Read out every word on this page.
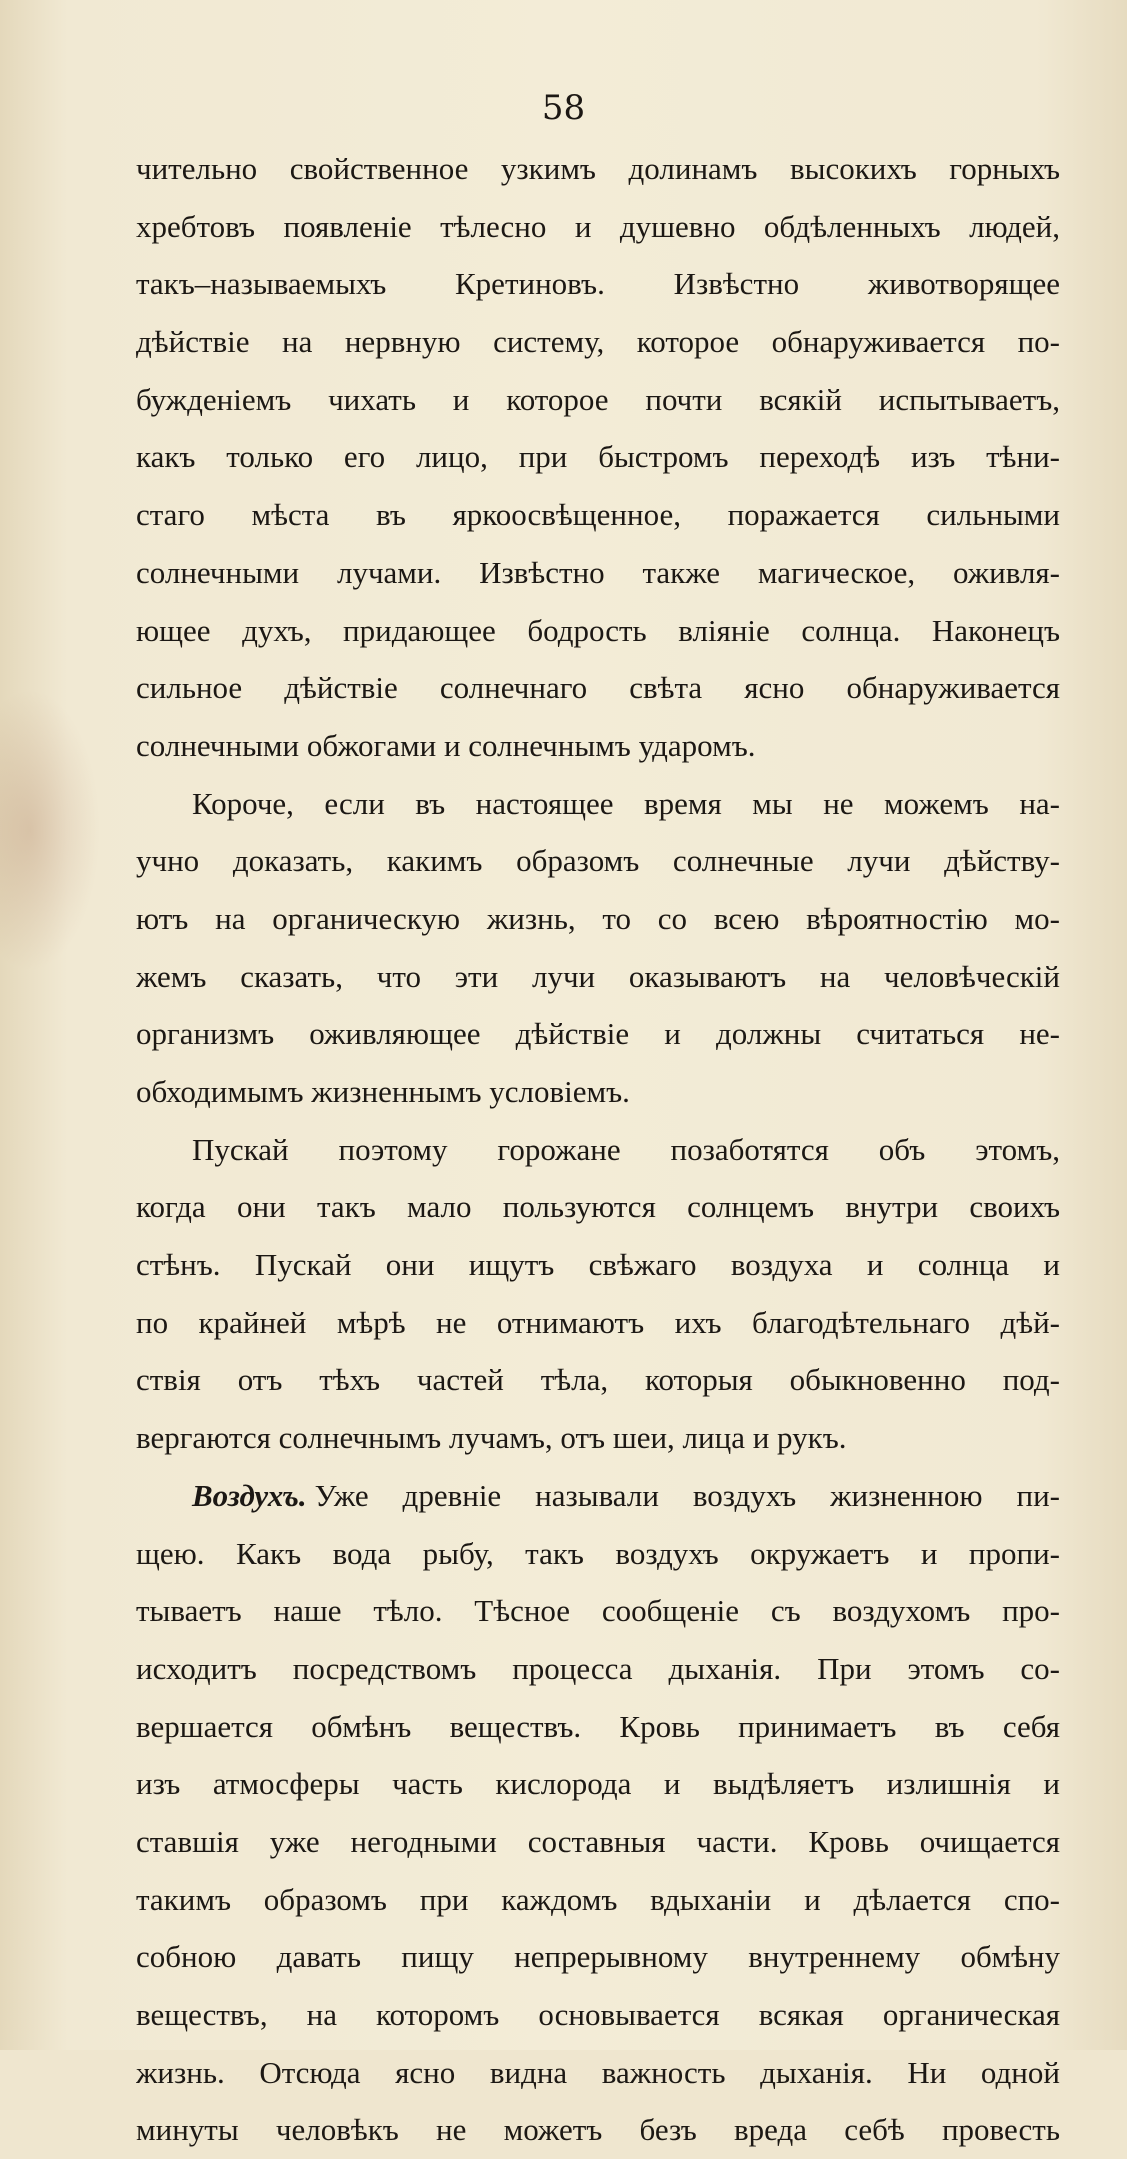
58
чительно свойственное узкимъ долинамъ высокихъ горныхъ
хребтовъ появленіе тѣлесно и душевно обдѣленныхъ людей,
такъ–называемыхъ Кретиновъ. Извѣстно животворящее
дѣйствіе на нервную систему, которое обнаруживается по-
бужденіемъ чихать и которое почти всякій испытываетъ,
какъ только его лицо, при быстромъ переходѣ изъ тѣни-
стаго мѣста въ яркоосвѣщенное, поражается сильными
солнечными лучами. Извѣстно также магическое, оживля-
ющее духъ, придающее бодрость вліяніе солнца. Наконецъ
сильное дѣйствіе солнечнаго свѣта ясно обнаруживается
солнечными обжогами и солнечнымъ ударомъ.
Короче, если въ настоящее время мы не можемъ на-
учно доказать, какимъ образомъ солнечные лучи дѣйству-
ютъ на органическую жизнь, то со всею вѣроятностію мо-
жемъ сказать, что эти лучи оказываютъ на человѣческій
организмъ оживляющее дѣйствіе и должны считаться не-
обходимымъ жизненнымъ условіемъ.
Пускай поэтому горожане позаботятся объ этомъ,
когда они такъ мало пользуются солнцемъ внутри своихъ
стѣнъ. Пускай они ищутъ свѣжаго воздуха и солнца и
по крайней мѣрѣ не отнимаютъ ихъ благодѣтельнаго дѣй-
ствія отъ тѣхъ частей тѣла, которыя обыкновенно под-
вергаются солнечнымъ лучамъ, отъ шеи, лица и рукъ.
Воздухъ. Уже древніе называли воздухъ жизненною пи-
щею. Какъ вода рыбу, такъ воздухъ окружаетъ и пропи-
тываетъ наше тѣло. Тѣсное сообщеніе съ воздухомъ про-
исходитъ посредствомъ процесса дыханія. При этомъ со-
вершается обмѣнъ веществъ. Кровь принимаетъ въ себя
изъ атмосферы часть кислорода и выдѣляетъ излишнія и
ставшія уже негодными составныя части. Кровь очищается
такимъ образомъ при каждомъ вдыханіи и дѣлается спо-
собною давать пищу непрерывному внутреннему обмѣну
веществъ, на которомъ основывается всякая органическая
жизнь. Отсюда ясно видна важность дыханія. Ни одной
минуты человѣкъ не можетъ безъ вреда себѣ провесть
